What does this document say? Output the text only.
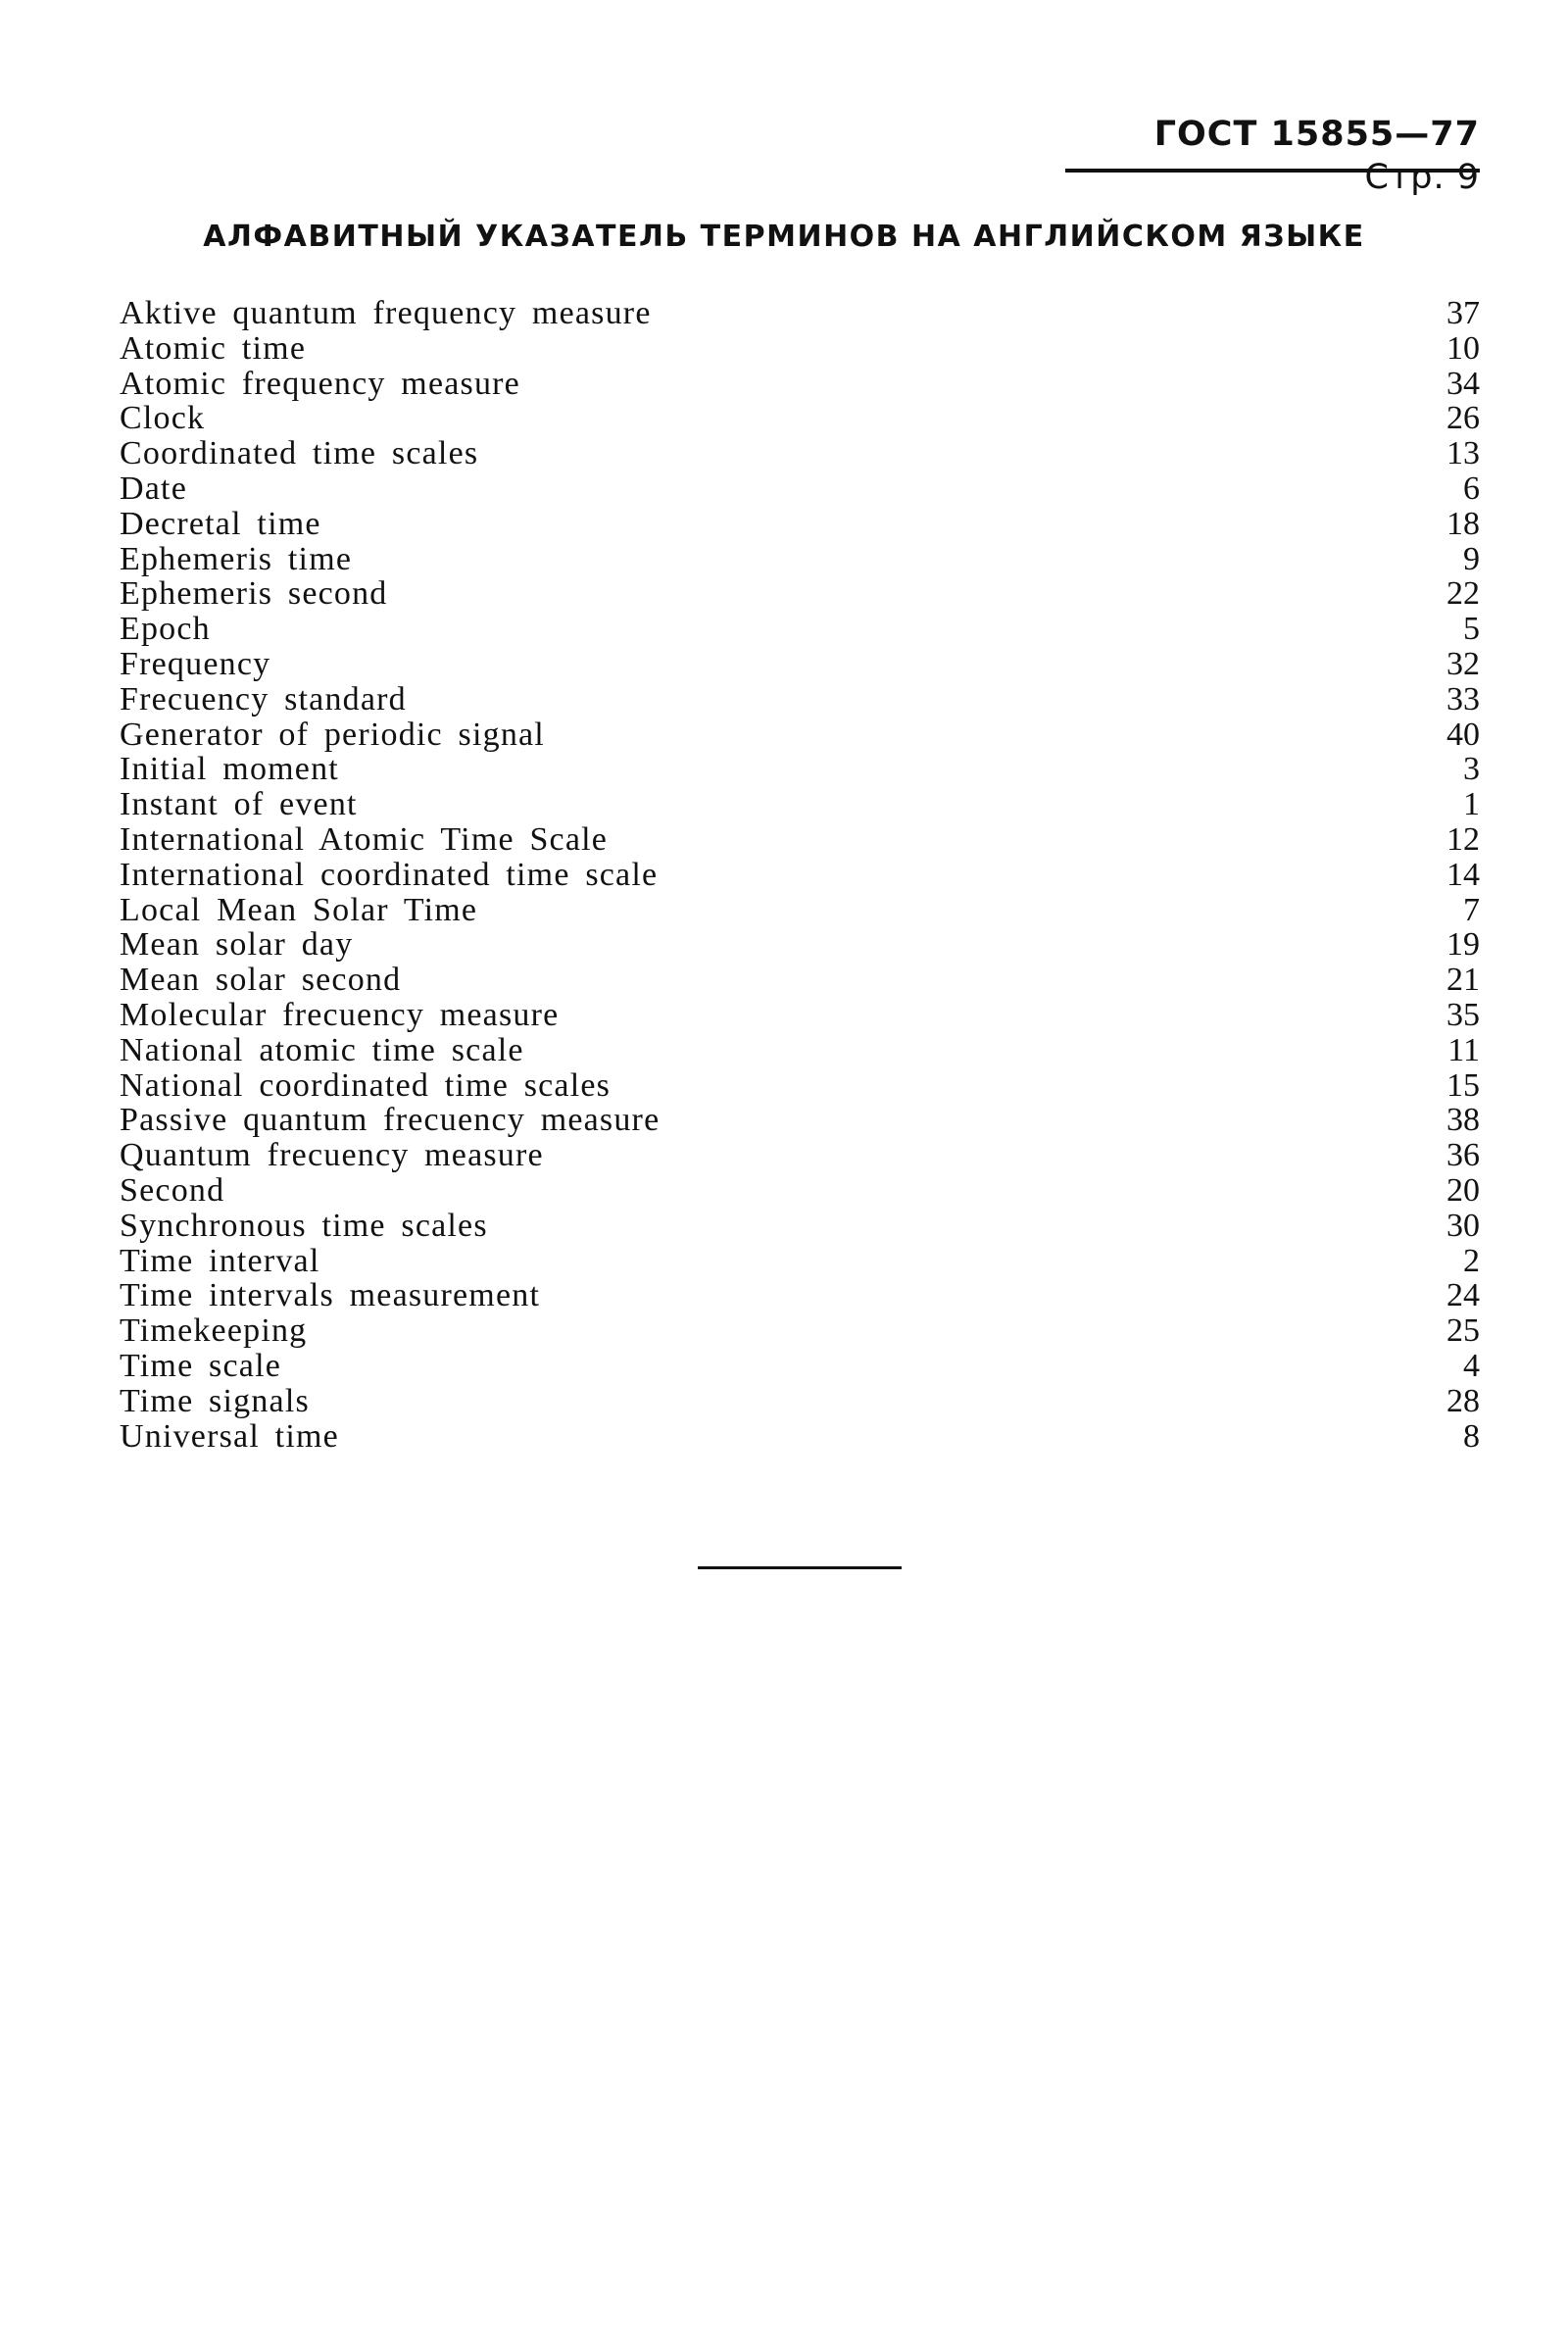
ГОСТ 15855—77 Стр. 9
АЛФАВИТНЫЙ УКАЗАТЕЛЬ ТЕРМИНОВ НА АНГЛИЙСКОМ ЯЗЫКЕ
Aktive quantum frequency measure	37
Atomic time	10
Atomic frequency measure	34
Clock	26
Coordinated time scales	13
Date	6
Decretal time	18
Ephemeris time	9
Ephemeris second	22
Epoch	5
Frequency	32
Frecuency standard	33
Generator of periodic signal	40
Initial moment	3
Instant of event	1
International Atomic Time Scale	12
International coordinated time scale	14
Local Mean Solar Time	7
Mean solar day	19
Mean solar second	21
Molecular frecuency measure	35
National atomic time scale	11
National coordinated time scales	15
Passive quantum frecuency measure	38
Quantum frecuency measure	36
Second	20
Synchronous time scales	30
Time interval	2
Time intervals measurement	24
Timekeeping	25
Time scale	4
Time signals	28
Universal time	8
